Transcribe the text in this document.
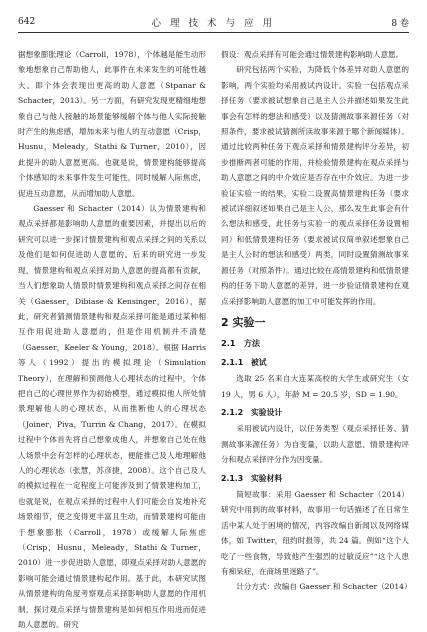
642	心 理 技 术 与 应 用	8 卷

据想象膨胀理论（Carroll，1978），个体越是能生动形象地想象自己帮助他人，此事件在未来发生的可能性越大。即个体会表现出更高的助人意愿（Stpanar & Schacter，2013）。另一方面，有研究发现更精细地想象自己与他人接触的场景能够缓解个体与他人实际接触时产生的焦虑感，增加未来与他人的互动意愿（Crisp，Husnu，Meleady，Stathi & Turner，2010），因此提升的助人意愿更高。也就是说，情景建构能够提高个体感知的未来事件发生可能性，同时缓解人际焦虑，促进互动意愿，从而增加助人意愿。

Gaesser 和 Schacter（2014）认为情景建构和观点采择都是影响助人意愿的重要因素，并提出以后的研究可以进一步探讨情景建构和观点采择之间的关系以及他们是如何促进助人意愿的。后来的研究进一步发现，情景建构和观点采择对助人意愿的提高都有贡献，当人们想象助人情景时情景建构和观点采择之间存在相关（Gaesser，Dibiase & Kensinger，2016），据此，研究者猜测情景建构和观点采择可能是通过某种相互作用促进助人意愿的，但是作用机制并不清楚（Gaesser，Keeler & Young，2018）。根据 Harris 等人（1992）提出的模拟理论（Simulation Theory），在理解和预测他人心理状态的过程中，个体把自己的心理世界作为初始模型，通过模拟他人所处情景理解他人的心理状态，从而推断他人的心理状态（Joiner，Piva，Turrin & Chang，2017）。在模拟过程中个体首先将自己想象成他人，并想象自己处在他人场景中会有怎样的心理状态，便能推己及人地理解他人的心理状态（张慧，苏彦捷，2008）。这个自己及人的模拟过程在一定程度上可能涉及到了情景建构加工，也就是说，在观点采择的过程中人们可能会自发地补充场景细节，使之变得更丰富且生动，而情景建构可能由于想象膨胀（Carroll，1978）或缓解人际焦虑（Crisp，Husnu，Meleady，Stathi & Turner，2010）进一步促进助人意愿，即观点采择对助人意愿的影响可能会通过情景建构起作用。基于此，本研究试图从情景建构的角度考察观点采择影响助人意愿的作用机制，探讨观点采择与情景建构是如何相互作用进而促进助人意愿的。研究

假设：观点采择有可能会通过情景建构影响助人意愿。

研究包括两个实验，为降低个体差异对助人意愿的影响，两个实验均采用被试内设计。实验一包括观点采择任务（要求被试想象自己是主人公并描述如果发生此事会有怎样的想法和感受）以及猜测故事来源任务（对照条件，要求被试猜测所读故事来源于哪个新闻媒体）。通过比较两种任务下观点采择和情景建构评分差异，初步推断两者可能的作用，并检验情景建构在观点采择与助人意愿之间的中介效应是否存在中介效应。为进一步验证实验一的结果，实验二设置高情景建构任务（要求被试详细叙述如果自己是主人公，那么发生此事会有什么想法和感受，此任务与实验一的观点采择任务设置相同）和低情景建构任务（要求被试仅简单叙述想象自己是主人公时的想法和感受）两类，同时设置猜测故事来源任务（对照条件）。通过比较在高情景建构和低情景建构的任务下助人意愿的差异，进一步验证情景建构在观点采择影响助人意愿的加工中可能发挥的作用。

2 实验一
2.1　方法
2.1.1　被试

选取 25 名来自大连某高校的大学生或研究生（女 19 人，男 6 人），年龄 M = 20.5 岁，SD = 1.90。

2.1.2　实验设计

采用被试内设计，以任务类型（观点采择任务、猜测故事来源任务）为自变量，以助人意愿、情景建构评分和观点采择评分作为因变量。

2.1.3　实验材料

简短故事：采用 Gaesser 和 Schacter（2014）研究中用到的故事材料，故事用一句话描述了在日常生活中某人处于困境的情况，内容改编自新闻以及网络媒体，如 Twitter，纽约时报等，共 24 篇。例如“这个人吃了一些食物，导致他产生强烈的过敏反应”“这个人患有痴呆症，在商场里迷路了”。

计分方式：改编自 Gaesser 和 Schacter（2014）
